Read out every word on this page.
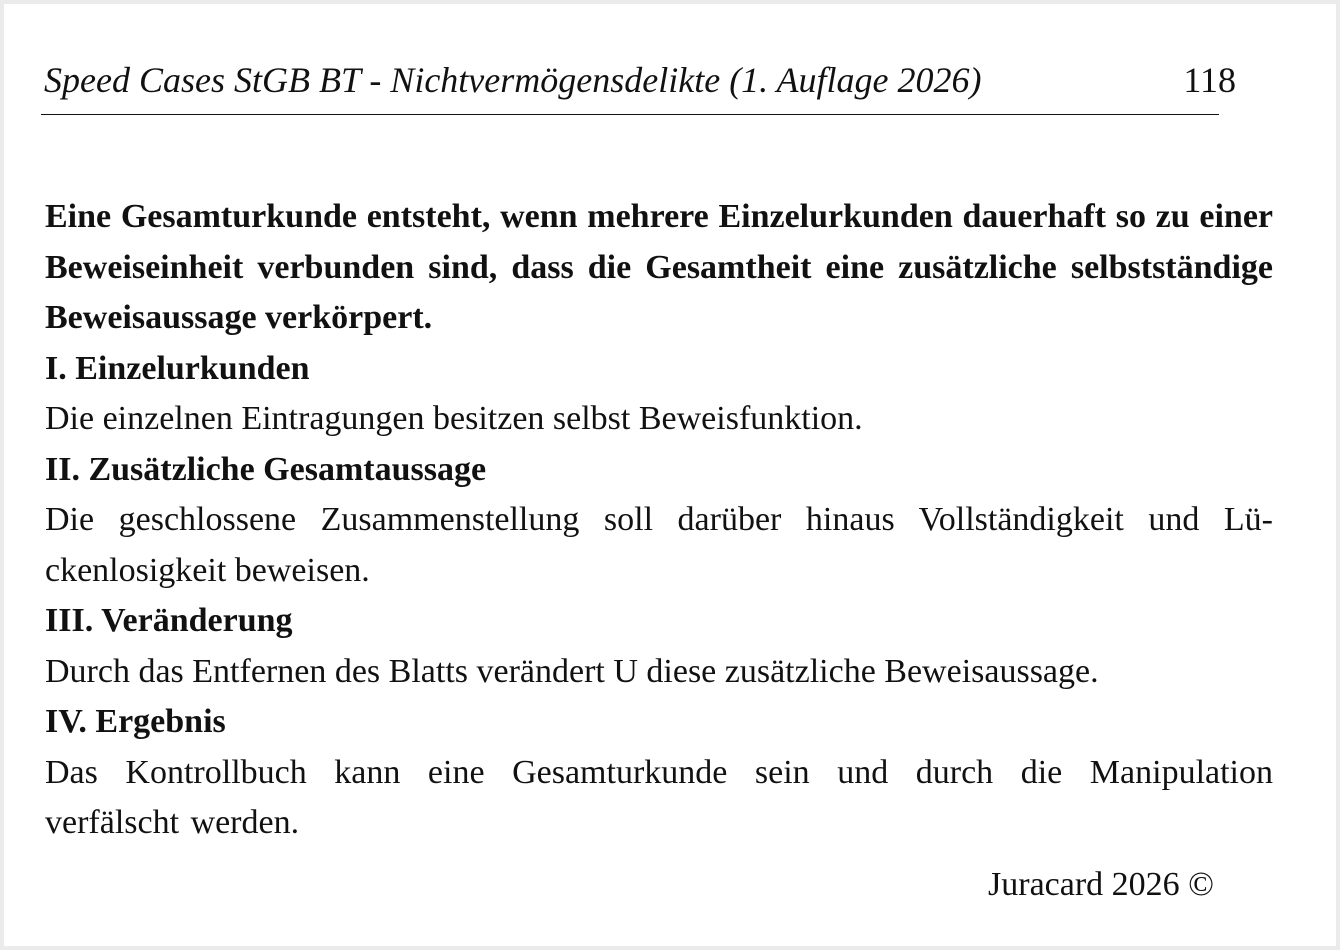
Speed Cases StGB BT - Nichtvermögensdelikte (1. Auflage 2026)	118

Eine Gesamturkunde entsteht, wenn mehrere Einzelurkunden dauerhaft so zu einer Beweiseinheit verbunden sind, dass die Gesamtheit eine zusätzliche selbstständige Beweisaussage verkörpert.

I. Einzelurkunden

Die einzelnen Eintragungen besitzen selbst Beweisfunktion.

II. Zusätzliche Gesamtaussage

Die geschlossene Zusammenstellung soll darüber hinaus Vollständigkeit und Lückenlosigkeit beweisen.

III. Veränderung

Durch das Entfernen des Blatts verändert U diese zusätzliche Beweisaussage.

IV. Ergebnis

Das Kontrollbuch kann eine Gesamturkunde sein und durch die Manipulation verfälscht werden.

Juracard 2026 ©
